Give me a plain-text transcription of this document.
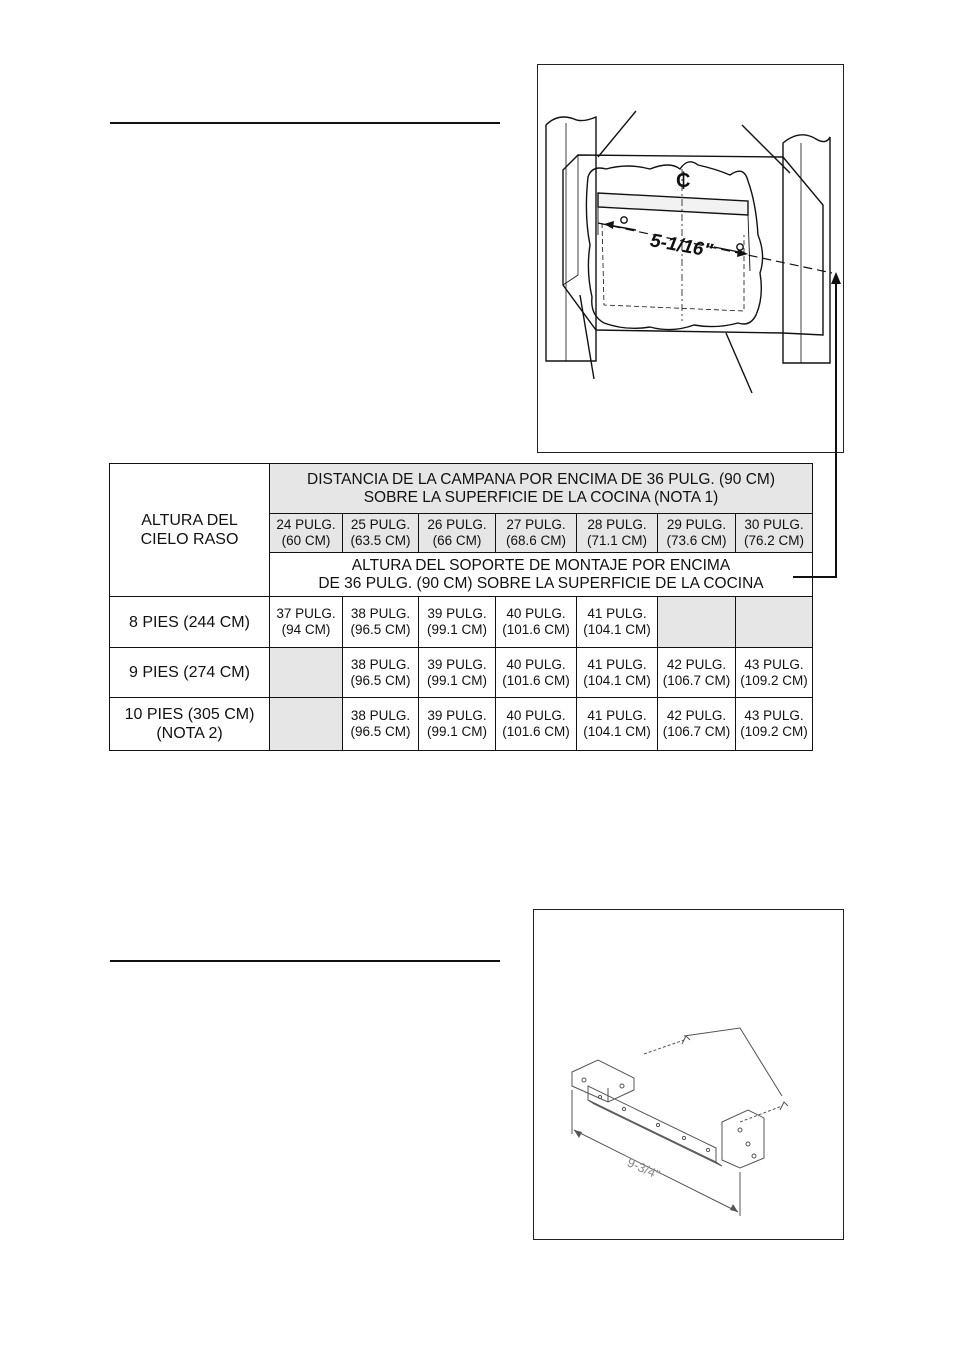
₵
5-1/16"
ALTURA DEL
CIELO RASO	DISTANCIA DE LA CAMPANA POR ENCIMA DE 36 PULG. (90 CM)
SOBRE LA SUPERFICIE DE LA COCINA (NOTA 1)						

	24 PULG.
(60 CM)	25 PULG.
(63.5 CM)	26 PULG.
(66 CM)	27 PULG.
(68.6 CM)	28 PULG.
(71.1 CM)	29 PULG.
(73.6 CM)	30 PULG.
(76.2 CM)

	ALTURA DEL SOPORTE DE MONTAJE POR ENCIMA
DE 36 PULG. (90 CM) SOBRE LA SUPERFICIE DE LA COCINA						

8 PIES (244 CM)	37 PULG.
(94 CM)	38 PULG.
(96.5 CM)	39 PULG.
(99.1 CM)	40 PULG.
(101.6 CM)	41 PULG.
(104.1 CM)		

9 PIES (274 CM)		38 PULG.
(96.5 CM)	39 PULG.
(99.1 CM)	40 PULG.
(101.6 CM)	41 PULG.
(104.1 CM)	42 PULG.
(106.7 CM)	43 PULG.
(109.2 CM)

10 PIES (305 CM)
(NOTA 2)		38 PULG.
(96.5 CM)	39 PULG.
(99.1 CM)	40 PULG.
(101.6 CM)	41 PULG.
(104.1 CM)	42 PULG.
(106.7 CM)	43 PULG.
(109.2 CM)
9-3/4"
